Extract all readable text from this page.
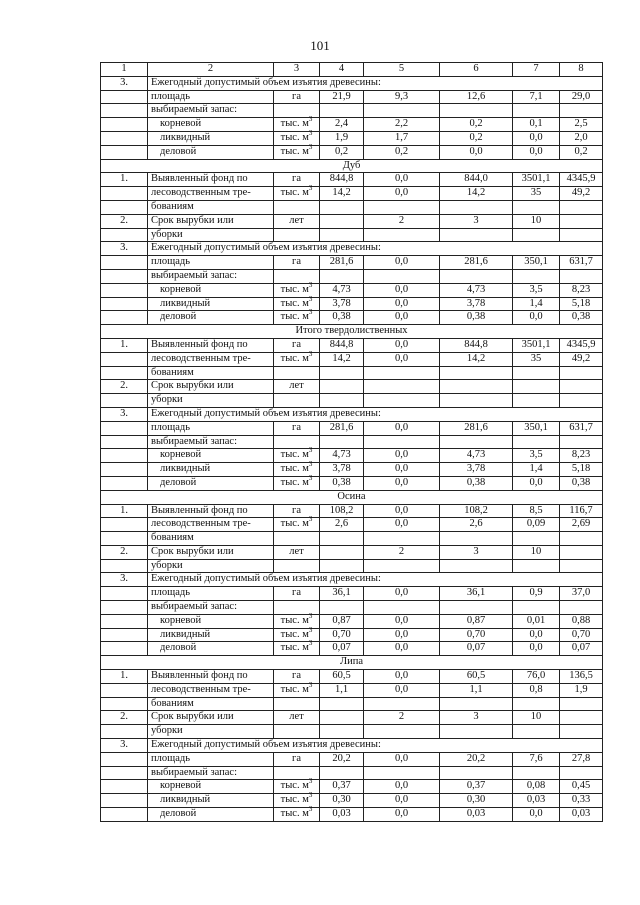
101
1	2	3	4	5	6	7	8
3.	Ежегодный допустимый объем изъятия древесины:						
	площадь	га	21,9	9,3	12,6	7,1	29,0
	выбираемый запас:						
	корневой	тыс. $м^3$	2,4	2,2	0,2	0,1	2,5
	ликвидный	тыс. $м^3$	1,9	1,7	0,2	0,0	2,0
	деловой	тыс. $м^3$	0,2	0,2	0,0	0,0	0,2
Дуб							
1.	Выявленный фонд по	га	844,8	0,0	844,0	3501,1	4345,9
	лесоводственным тре-	тыс. $м^3$	14,2	0,0	14,2	35	49,2
	бованиям						
2.	Срок вырубки или	лет		2	3	10	
	уборки						
3.	Ежегодный допустимый объем изъятия древесины:						
	площадь	га	281,6	0,0	281,6	350,1	631,7
	выбираемый запас:						
	корневой	тыс. $м^3$	4,73	0,0	4,73	3,5	8,23
	ликвидный	тыс. $м^3$	3,78	0,0	3,78	1,4	5,18
	деловой	тыс. $м^3$	0,38	0,0	0,38	0,0	0,38
Итого твердолиственных							
1.	Выявленный фонд по	га	844,8	0,0	844,8	3501,1	4345,9
	лесоводственным тре-	тыс. $м^3$	14,2	0,0	14,2	35	49,2
	бованиям						
2.	Срок вырубки или	лет					
	уборки						
3.	Ежегодный допустимый объем изъятия древесины:						
	площадь	га	281,6	0,0	281,6	350,1	631,7
	выбираемый запас:						
	корневой	тыс. $м^3$	4,73	0,0	4,73	3,5	8,23
	ликвидный	тыс. $м^3$	3,78	0,0	3,78	1,4	5,18
	деловой	тыс. $м^3$	0,38	0,0	0,38	0,0	0,38
Осина							
1.	Выявленный фонд по	га	108,2	0,0	108,2	8,5	116,7
	лесоводственным тре-	тыс. $м^3$	2,6	0,0	2,6	0,09	2,69
	бованиям						
2.	Срок вырубки или	лет		2	3	10	
	уборки						
3.	Ежегодный допустимый объем изъятия древесины:						
	площадь	га	36,1	0,0	36,1	0,9	37,0
	выбираемый запас:						
	корневой	тыс. $м^3$	0,87	0,0	0,87	0,01	0,88
	ликвидный	тыс. $м^3$	0,70	0,0	0,70	0,0	0,70
	деловой	тыс. $м^3$	0,07	0,0	0,07	0,0	0,07
Липа							
1.	Выявленный фонд по	га	60,5	0,0	60,5	76,0	136,5
	лесоводственным тре-	тыс. $м^3$	1,1	0,0	1,1	0,8	1,9
	бованиям						
2.	Срок вырубки или	лет		2	3	10	
	уборки						
3.	Ежегодный допустимый объем изъятия древесины:						
	площадь	га	20,2	0,0	20,2	7,6	27,8
	выбираемый запас:						
	корневой	тыс. $м^3$	0,37	0,0	0,37	0,08	0,45
	ликвидный	тыс. $м^3$	0,30	0,0	0,30	0,03	0,33
	деловой	тыс. $м^3$	0,03	0,0	0,03	0,0	0,03
